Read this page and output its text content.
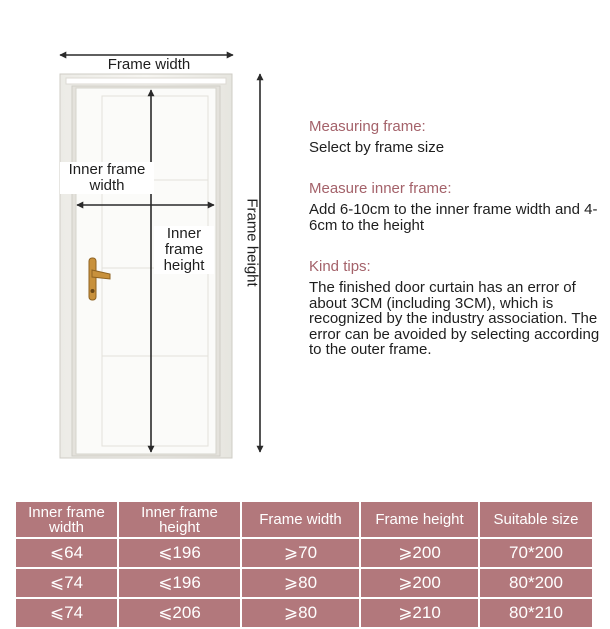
Frame width
Inner frame width
Inner frame height	Frame height
Measuring frame:
Select by frame size
Measure inner frame:
Add 6-10cm to the inner frame width and 4-6cm to the height
Kind tips:
The finished door curtain has an error of about 3CM (including 3CM), which is recognized by the industry association. The error can be avoided by selecting according to the outer frame.
Inner frame width	Inner frame height	Frame width	Frame height	Suitable size
⩽64	⩽196	⩾70	⩾200	70*200
⩽74	⩽196	⩾80	⩾200	80*200
⩽74	⩽206	⩾80	⩾210	80*210
